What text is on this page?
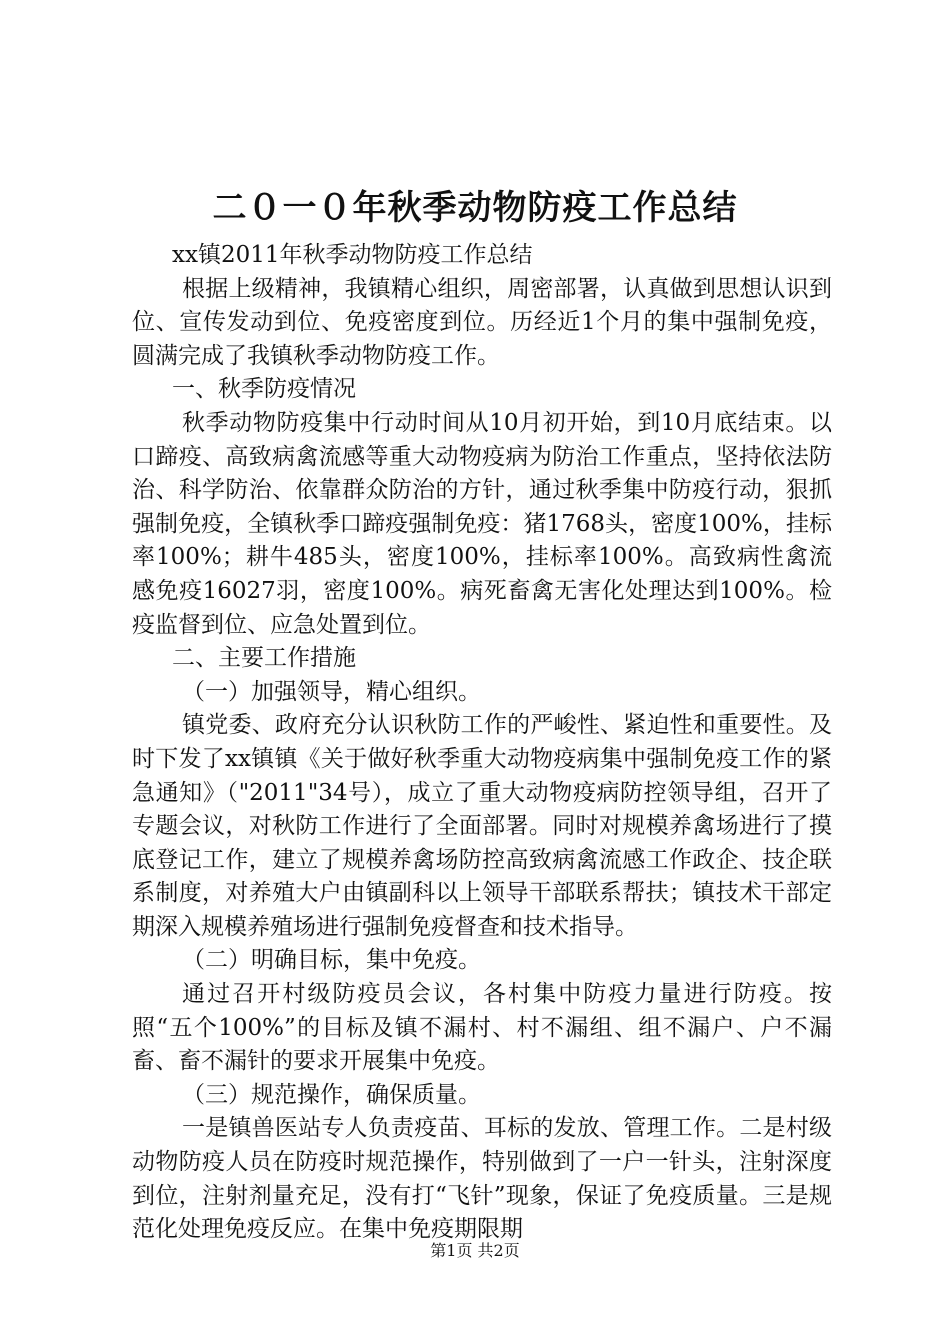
二０一０年秋季动物防疫工作总结

xx镇2011年秋季动物防疫工作总结

根据上级精神，我镇精心组织，周密部署，认真做到思想认识到位、宣传发动到位、免疫密度到位。历经近1个月的集中强制免疫，圆满完成了我镇秋季动物防疫工作。

一、秋季防疫情况

秋季动物防疫集中行动时间从10月初开始，到10月底结束。以口蹄疫、高致病禽流感等重大动物疫病为防治工作重点，坚持依法防治、科学防治、依靠群众防治的方针，通过秋季集中防疫行动，狠抓强制免疫，全镇秋季口蹄疫强制免疫：猪1768头，密度100%，挂标率100%；耕牛485头，密度100%，挂标率100%。高致病性禽流感免疫16027羽，密度100%。病死畜禽无害化处理达到100%。检疫监督到位、应急处置到位。

二、主要工作措施

（一）加强领导，精心组织。

镇党委、政府充分认识秋防工作的严峻性、紧迫性和重要性。及时下发了xx镇镇《关于做好秋季重大动物疫病集中强制免疫工作的紧急通知》（"2011"34号），成立了重大动物疫病防控领导组，召开了专题会议，对秋防工作进行了全面部署。同时对规模养禽场进行了摸底登记工作，建立了规模养禽场防控高致病禽流感工作政企、技企联系制度，对养殖大户由镇副科以上领导干部联系帮扶；镇技术干部定期深入规模养殖场进行强制免疫督查和技术指导。

（二）明确目标，集中免疫。

通过召开村级防疫员会议，各村集中防疫力量进行防疫。按照“五个100%”的目标及镇不漏村、村不漏组、组不漏户、户不漏畜、畜不漏针的要求开展集中免疫。

（三）规范操作，确保质量。

一是镇兽医站专人负责疫苗、耳标的发放、管理工作。二是村级动物防疫人员在防疫时规范操作，特别做到了一户一针头，注射深度到位，注射剂量充足，没有打“飞针”现象，保证了免疫质量。三是规范化处理免疫反应。在集中免疫期限期

第1页 共2页
